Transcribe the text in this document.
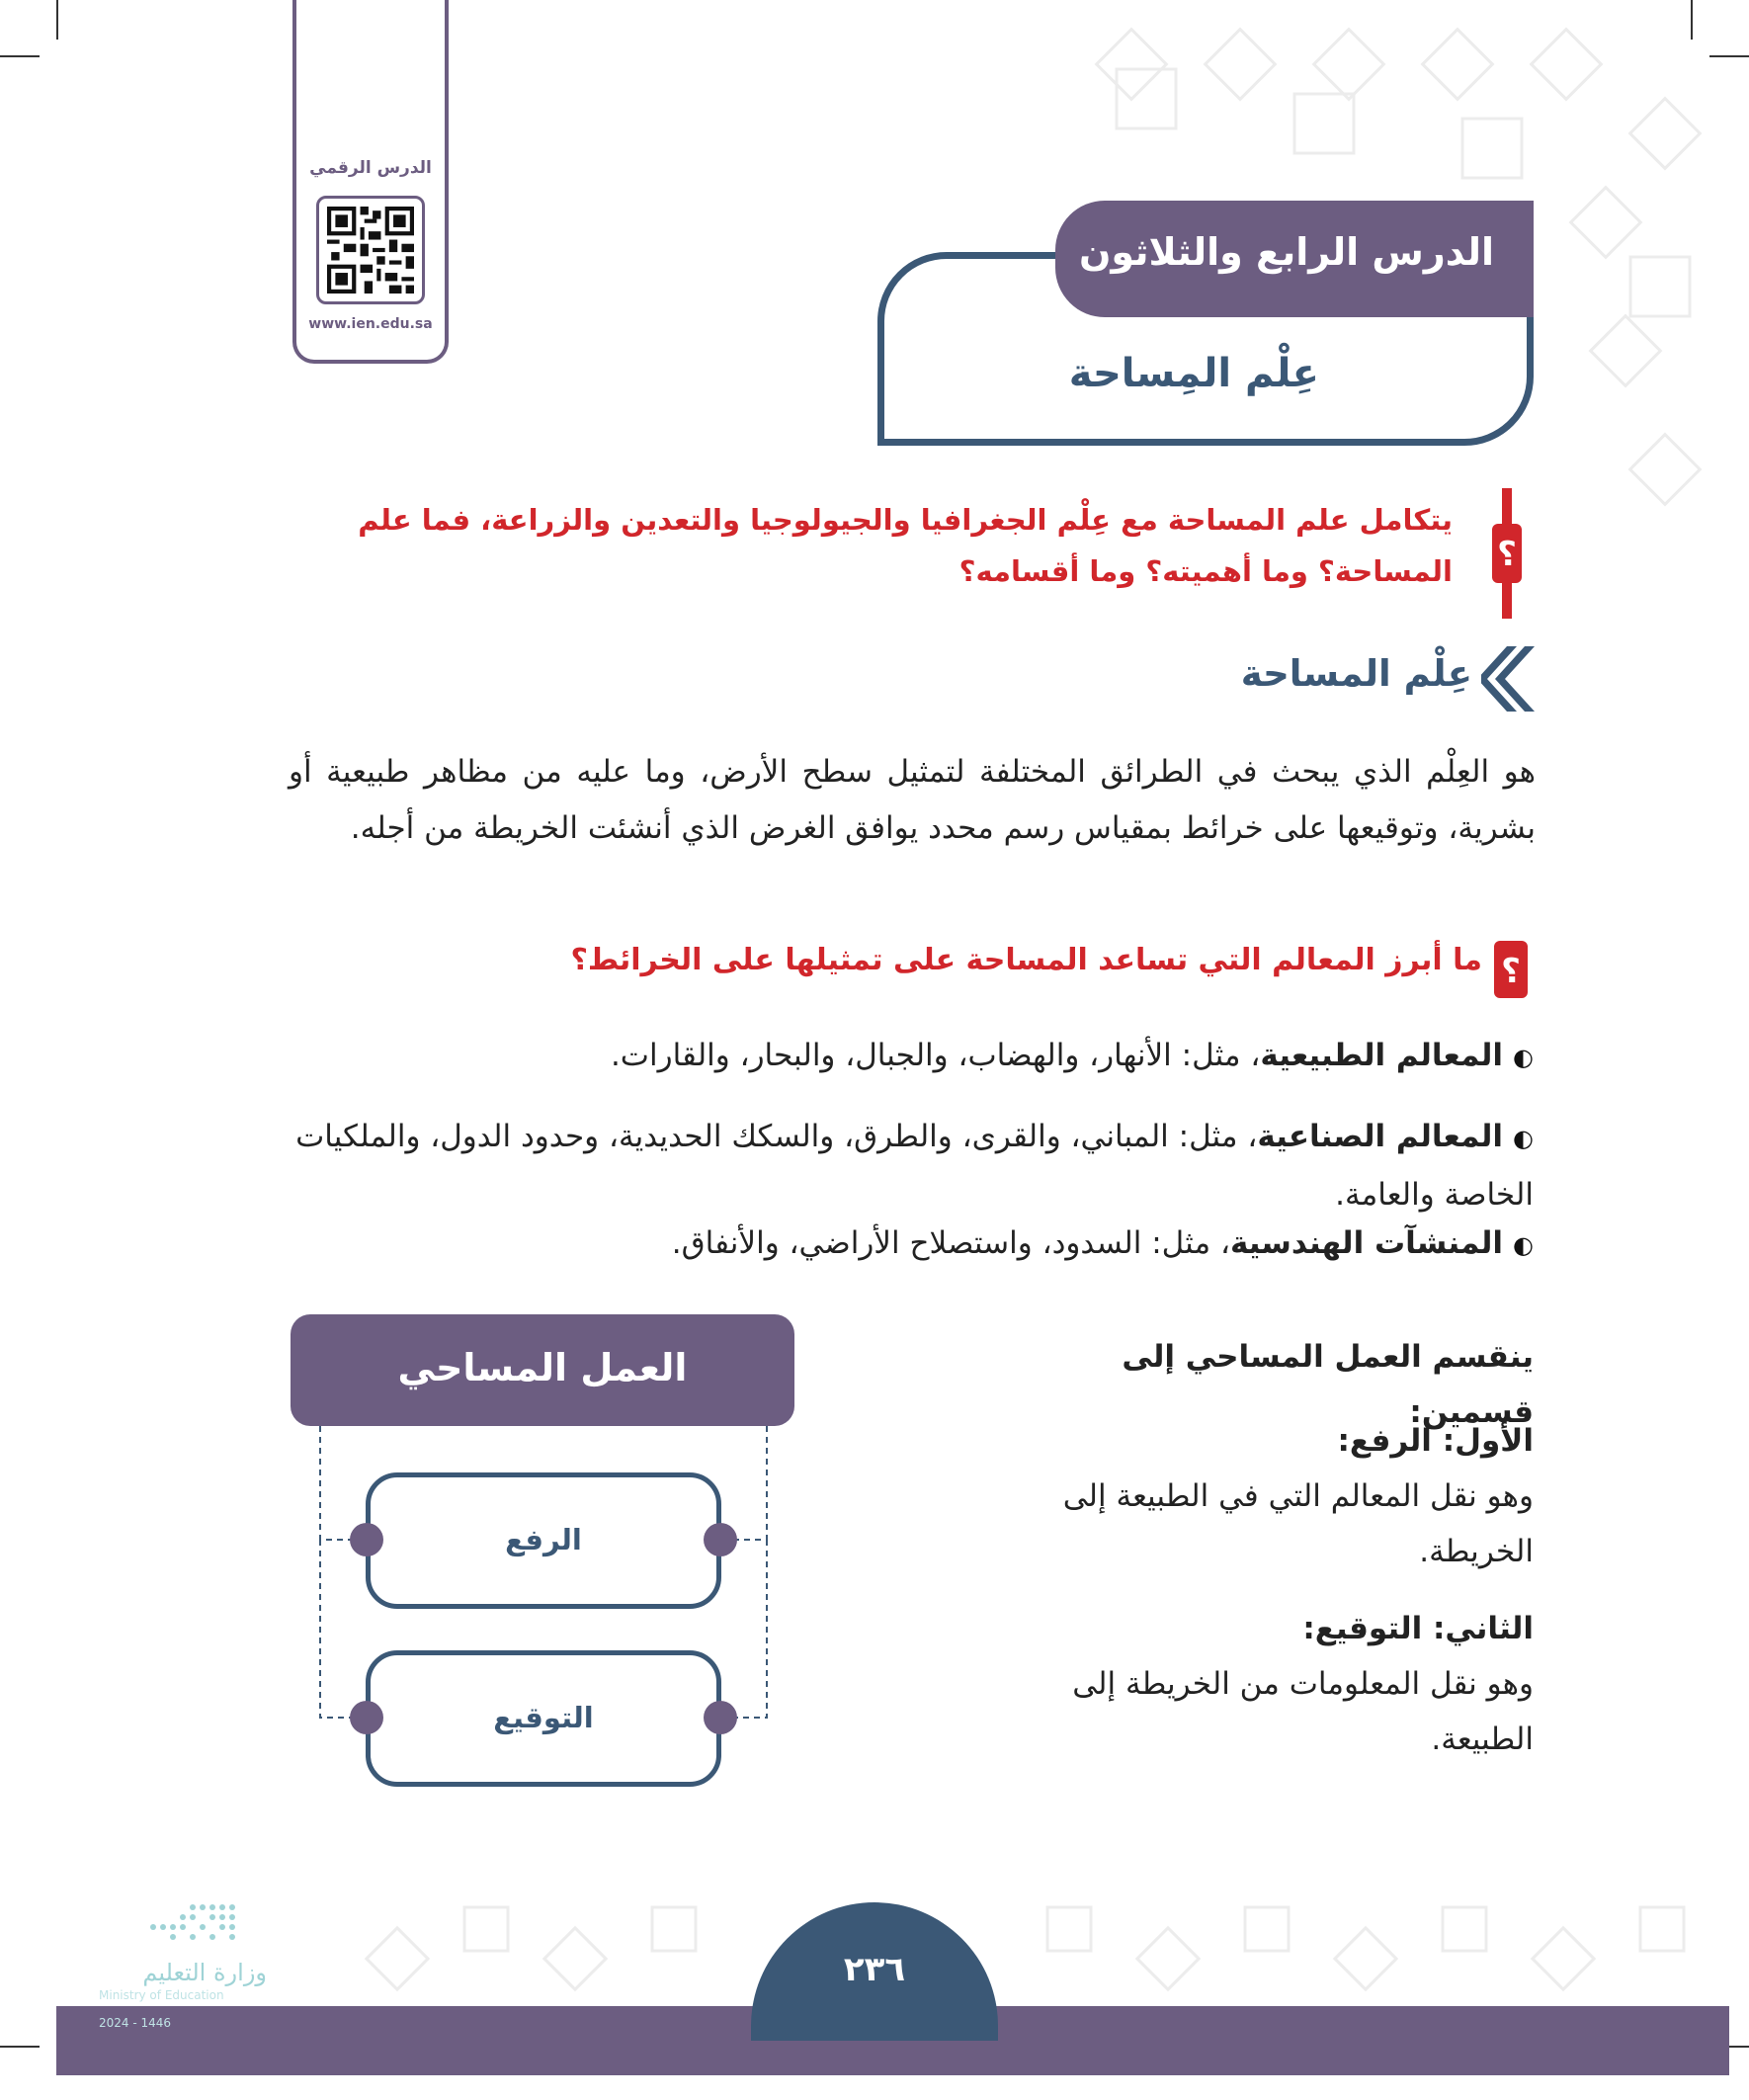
الدرس الرقمي
www.ien.edu.sa
عِلْم المِساحة
الدرس الرابع والثلاثون
؟
يتكامل علم المساحة مع عِلْم الجغرافيا والجيولوجيا والتعدين والزراعة، فما علم المساحة؟ وما أهميته؟ وما أقسامه؟
عِلْم المساحة
هو العِلْم الذي يبحث في الطرائق المختلفة لتمثيل سطح الأرض، وما عليه من مظاهر طبيعية أو بشرية، وتوقيعها على خرائط بمقياس رسم محدد يوافق الغرض الذي أنشئت الخريطة من أجله.
؟
ما أبرز المعالم التي تساعد المساحة على تمثيلها على الخرائط؟
◐المعالم الطبيعية، مثل: الأنهار، والهضاب، والجبال، والبحار، والقارات.
◐المعالم الصناعية، مثل: المباني، والقرى، والطرق، والسكك الحديدية، وحدود الدول، والملكيات الخاصة والعامة.
◐المنشآت الهندسية، مثل: السدود، واستصلاح الأراضي، والأنفاق.
ينقسم العمل المساحي إلى قسمين:
الأول: الرفع:
وهو نقل المعالم التي في الطبيعة إلى الخريطة.
الثاني: التوقيع:
وهو نقل المعلومات من الخريطة إلى الطبيعة.
العمل المساحي
الرفع
التوقيع
٢٣٦
وزارة التعليم
Ministry of Education
2024 - 1446
